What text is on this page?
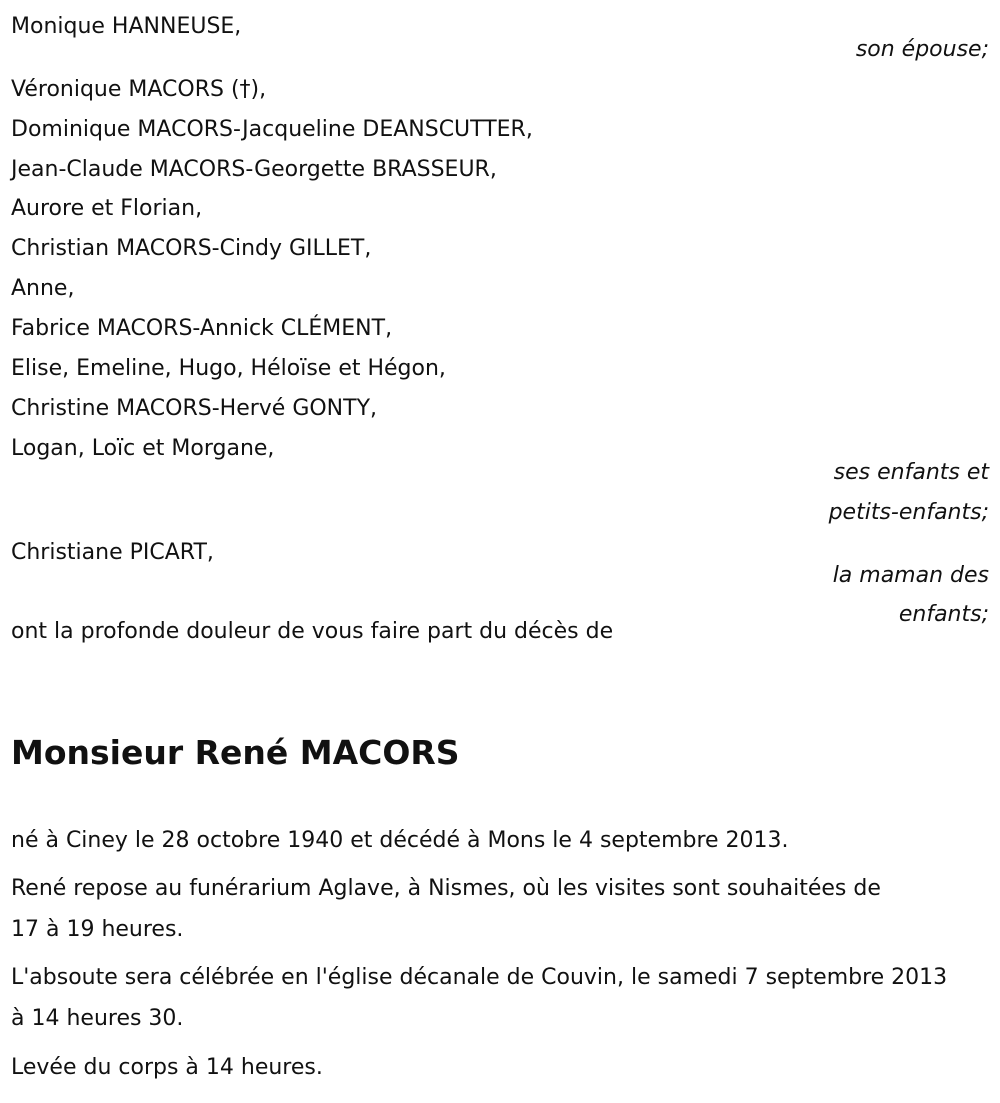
Monique HANNEUSE,
son épouse;
Véronique MACORS (†),
Dominique MACORS-Jacqueline DEANSCUTTER,
Jean-Claude MACORS-Georgette BRASSEUR,
Aurore et Florian,
Christian MACORS-Cindy GILLET,
Anne,
Fabrice MACORS-Annick CLÉMENT,
Elise, Emeline, Hugo, Héloïse et Hégon,
Christine MACORS-Hervé GONTY,
Logan, Loïc et Morgane,
ses enfants et petits-enfants;
Christiane PICART,
la maman des enfants;
ont la profonde douleur de vous faire part du décès de
Monsieur René MACORS
né à Ciney le 28 octobre 1940 et décédé à Mons le 4 septembre 2013.
René repose au funérarium Aglave, à Nismes, où les visites sont souhaitées de 17 à 19 heures.
L'absoute sera célébrée en l'église décanale de Couvin, le samedi 7 septembre 2013 à 14 heures 30.
Levée du corps à 14 heures.
